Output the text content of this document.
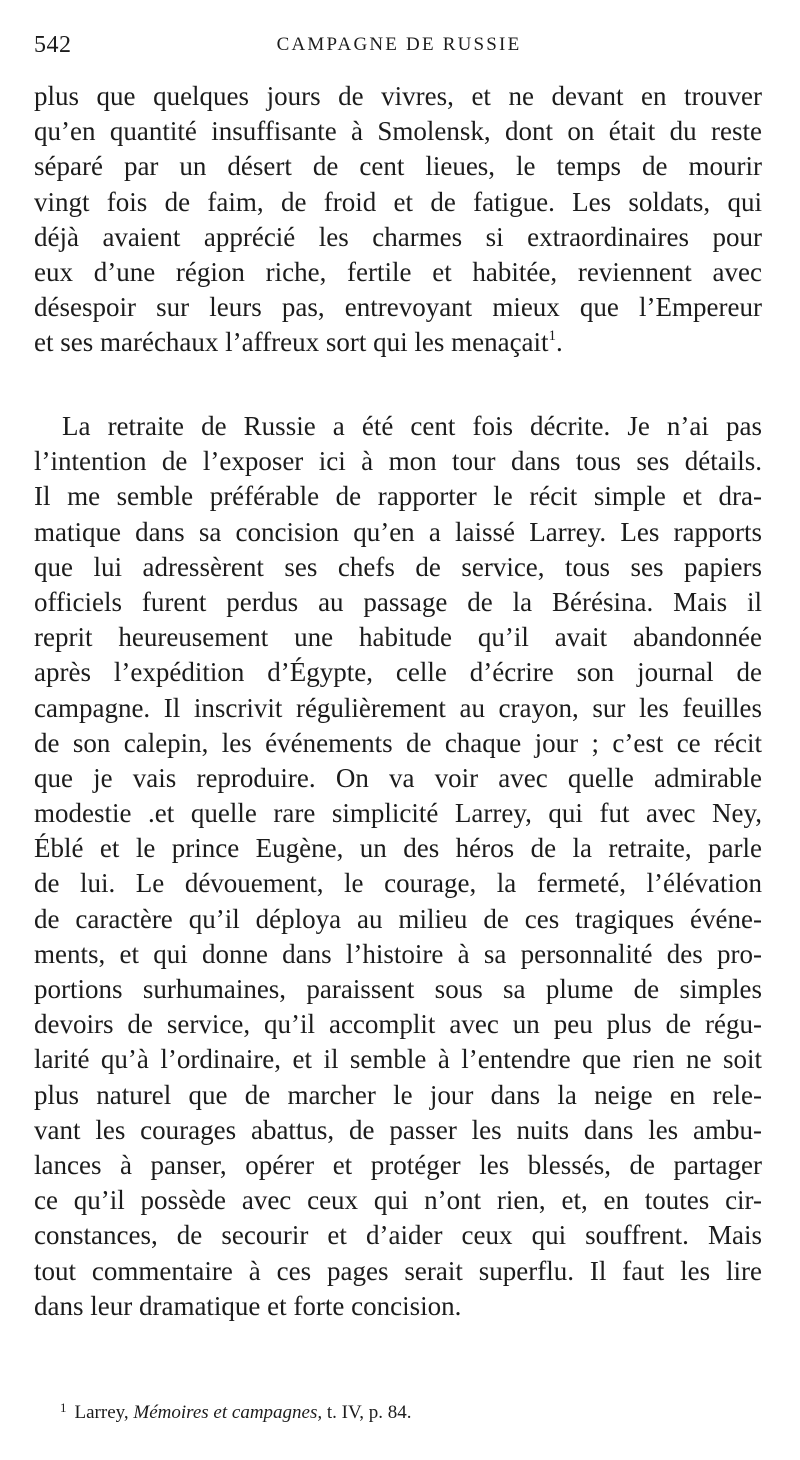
542	CAMPAGNE DE RUSSIE
plus que quelques jours de vivres, et ne devant en trouver
qu’en quantité insuffisante à Smolensk, dont on était du reste
séparé par un désert de cent lieues, le temps de mourir
vingt fois de faim, de froid et de fatigue. Les soldats, qui
déjà avaient apprécié les charmes si extraordinaires pour
eux d’une région riche, fertile et habitée, reviennent avec
désespoir sur leurs pas, entrevoyant mieux que l’Empereur
et ses maréchaux l’affreux sort qui les menaçait$^1$.
La retraite de Russie a été cent fois décrite. Je n’ai pas
l’intention de l’exposer ici à mon tour dans tous ses détails.
Il me semble préférable de rapporter le récit simple et dra-
matique dans sa concision qu’en a laissé Larrey. Les rapports
que lui adressèrent ses chefs de service, tous ses papiers
officiels furent perdus au passage de la Bérésina. Mais il
reprit heureusement une habitude qu’il avait abandonnée
après l’expédition d’Égypte, celle d’écrire son journal de
campagne. Il inscrivit régulièrement au crayon, sur les feuilles
de son calepin, les événements de chaque jour ; c’est ce récit
que je vais reproduire. On va voir avec quelle admirable
modestie .et quelle rare simplicité Larrey, qui fut avec Ney,
Éblé et le prince Eugène, un des héros de la retraite, parle
de lui. Le dévouement, le courage, la fermeté, l’élévation
de caractère qu’il déploya au milieu de ces tragiques événe-
ments, et qui donne dans l’histoire à sa personnalité des pro-
portions surhumaines, paraissent sous sa plume de simples
devoirs de service, qu’il accomplit avec un peu plus de régu-
larité qu’à l’ordinaire, et il semble à l’entendre que rien ne soit
plus naturel que de marcher le jour dans la neige en rele-
vant les courages abattus, de passer les nuits dans les ambu-
lances à panser, opérer et protéger les blessés, de partager
ce qu’il possède avec ceux qui n’ont rien, et, en toutes cir-
constances, de secourir et d’aider ceux qui souffrent. Mais
tout commentaire à ces pages serait superflu. Il faut les lire
dans leur dramatique et forte concision.
$^1$ Larrey, Mémoires et campagnes, t. IV, p. 84.
